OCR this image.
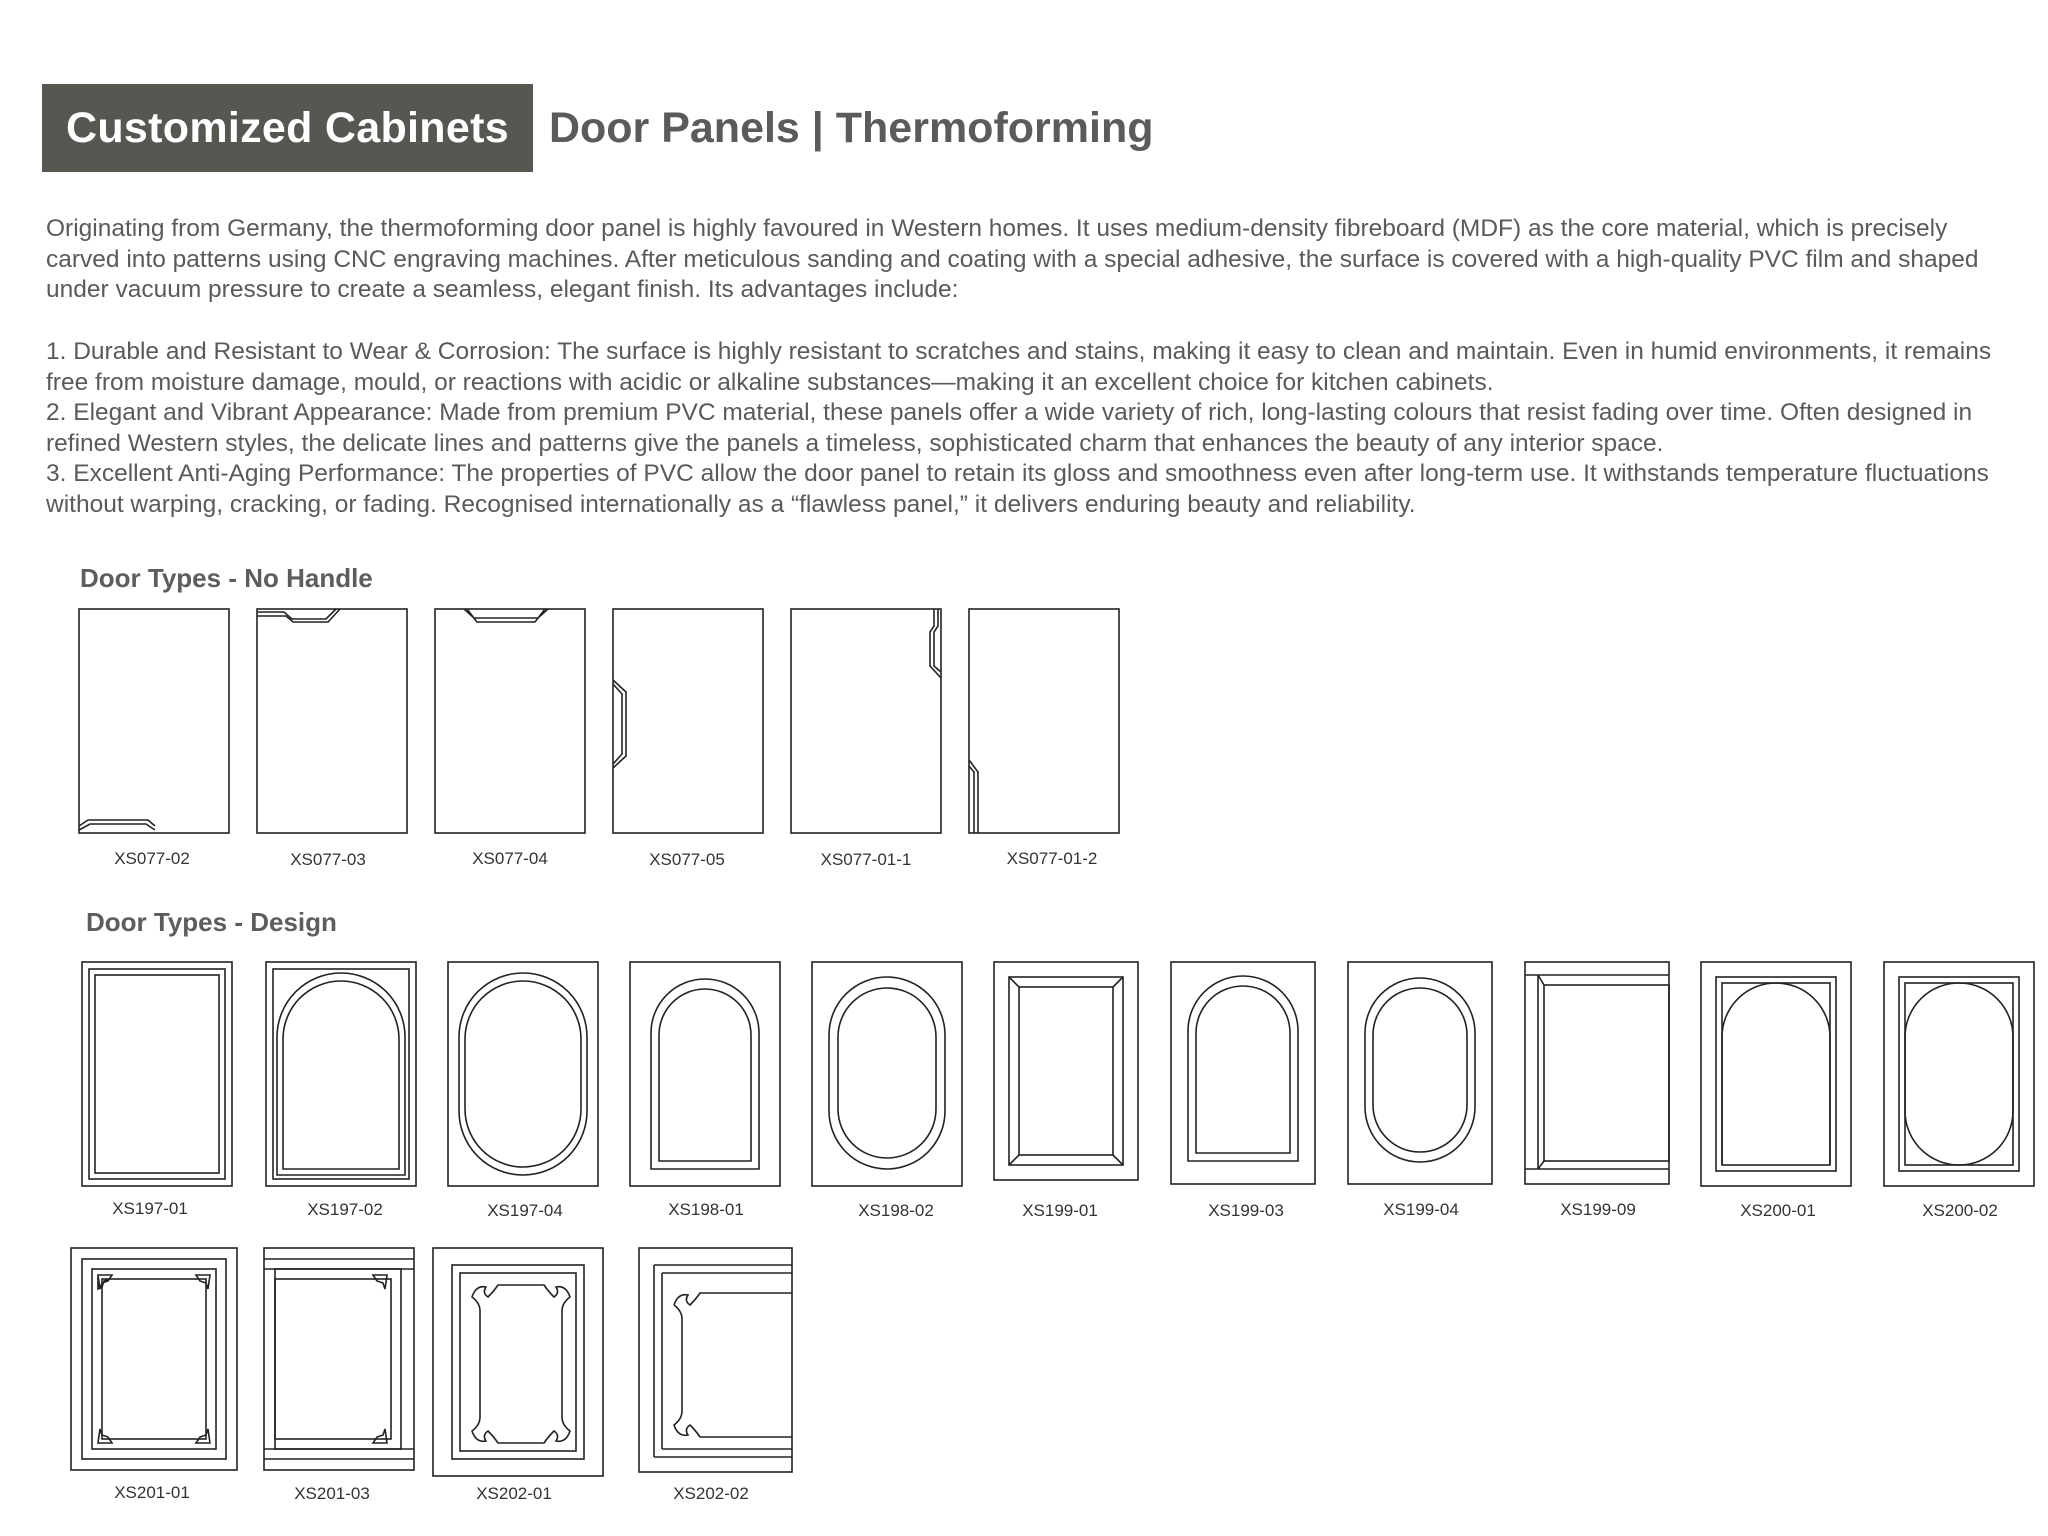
Customized Cabinets Door Panels | Thermoforming

Originating from Germany, the thermoforming door panel is highly favoured in Western homes. It uses medium-density fibreboard (MDF) as the core material, which is precisely carved into patterns using CNC engraving machines. After meticulous sanding and coating with a special adhesive, the surface is covered with a high-quality PVC film and shaped under vacuum pressure to create a seamless, elegant finish. Its advantages include:

1. Durable and Resistant to Wear & Corrosion: The surface is highly resistant to scratches and stains, making it easy to clean and maintain. Even in humid environments, it remains free from moisture damage, mould, or reactions with acidic or alkaline substances—making it an excellent choice for kitchen cabinets.

2. Elegant and Vibrant Appearance: Made from premium PVC material, these panels offer a wide variety of rich, long-lasting colours that resist fading over time. Often designed in refined Western styles, the delicate lines and patterns give the panels a timeless, sophisticated charm that enhances the beauty of any interior space.

3. Excellent Anti-Aging Performance: The properties of PVC allow the door panel to retain its gloss and smoothness even after long-term use. It withstands temperature fluctuations without warping, cracking, or fading. Recognised internationally as a “flawless panel,” it delivers enduring beauty and reliability.

Door Types - No Handle
XS077-02	XS077-03	XS077-04	XS077-05	XS077-01-1	XS077-01-2
Door Types - Design
XS197-01	XS197-02	XS197-04	XS198-01	XS198-02	XS199-01	XS199-03	XS199-04	XS199-09	XS200-01	XS200-02
XS201-01	XS201-03	XS202-01	XS202-02
